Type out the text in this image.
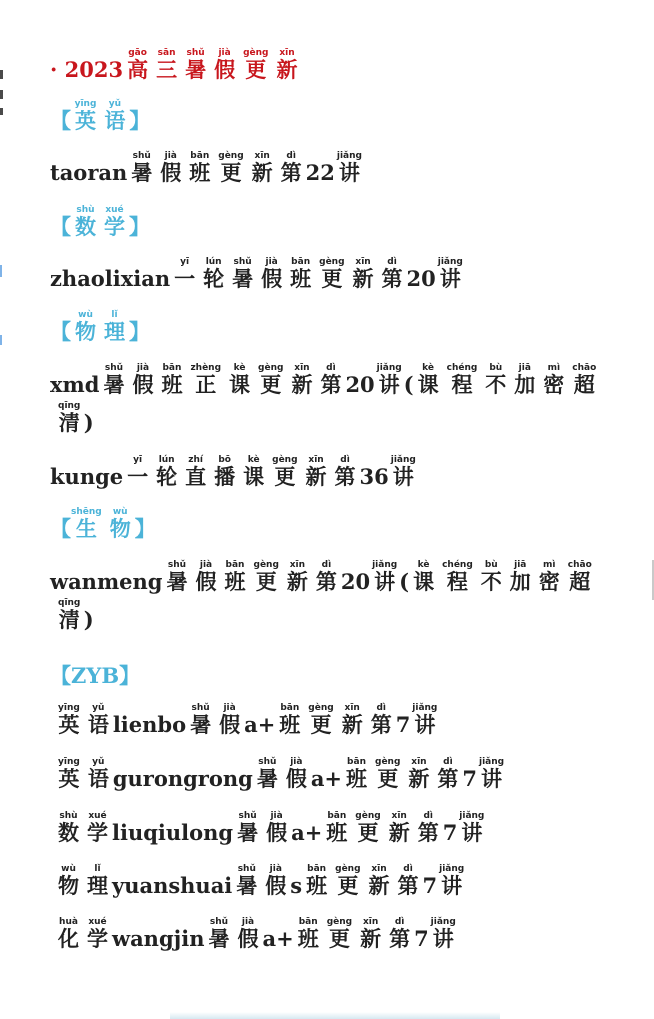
· 2023 高gāo三sān暑shǔ假jià更gèng新xīn
【 英yīng语yǔ】
taoran 暑shǔ假jià班bān更gèng新xīn第dì22讲jiǎng
【 数shù学xué】
zhaolixian 一yī轮lún暑shǔ假jià班bān更gèng新xīn第dì20讲jiǎng
【 物wù理lǐ】
xmd 暑shǔ假jià班bān正zhèng课kè更gèng新xīn第dì20讲jiǎng( 课kè程chéng不bù加jiā密mì超chāo
清qīng)
kunge 一yī轮lún直zhí播bō课kè更gèng新xīn第dì36讲jiǎng
【生shēng物wù】
wanmeng 暑shǔ假jià班bān更gèng新xīn第dì20讲jiǎng( 课kè程chéng不bù加jiā密mì超chāo
清qīng)
【ZYB】
英yīng语yǔlienbo 暑shǔ假jiàa+ 班bān更gèng新xīn第dì7讲jiǎng
英yīng语yǔgurongrong 暑shǔ假jiàa+ 班bān更gèng新xīn第dì7讲jiǎng
数shù学xuéliuqiulong 暑shǔ假jiàa+ 班bān更gèng新xīn第dì7讲jiǎng
物wù理lǐyuanshuai 暑shǔ假jiàs 班bān更gèng新xīn第dì7讲jiǎng
化huà学xuéwangjin 暑shǔ假jiàa+ 班bān更gèng新xīn第dì7讲jiǎng
